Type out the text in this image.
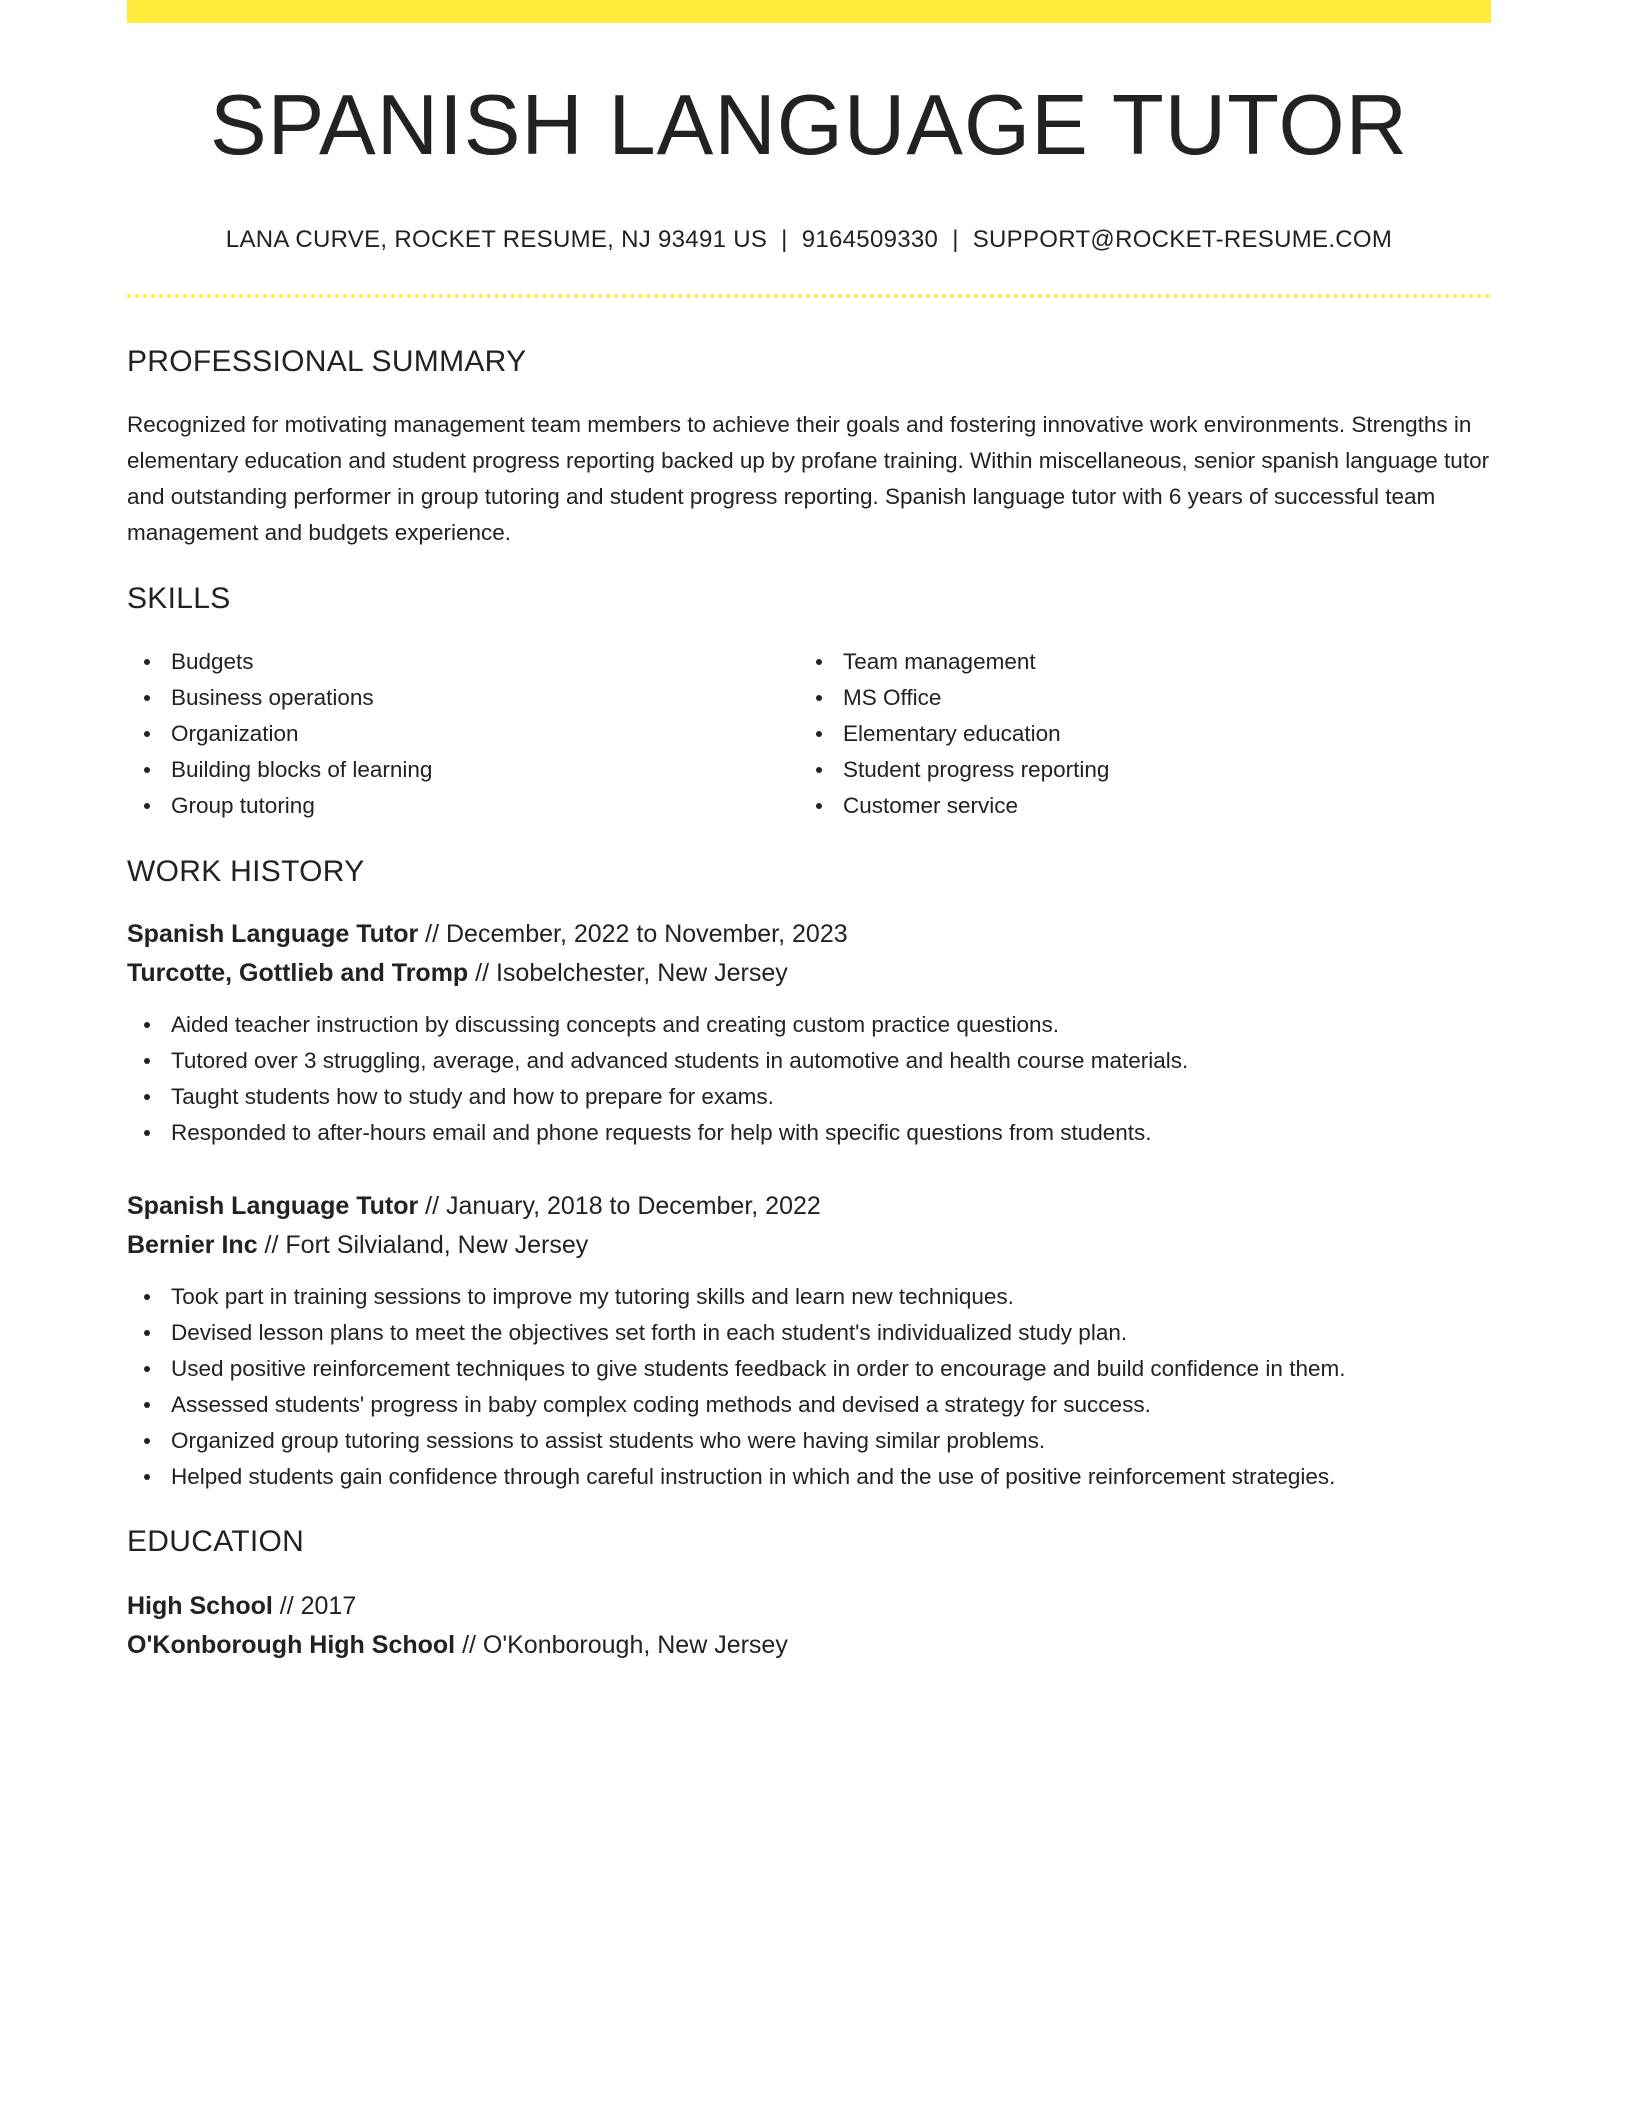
SPANISH LANGUAGE TUTOR
LANA CURVE, ROCKET RESUME, NJ 93491 US | 9164509330 | SUPPORT@ROCKET-RESUME.COM
PROFESSIONAL SUMMARY

Recognized for motivating management team members to achieve their goals and fostering innovative work environments. Strengths in elementary education and student progress reporting backed up by profane training. Within miscellaneous, senior spanish language tutor and outstanding performer in group tutoring and student progress reporting. Spanish language tutor with 6 years of successful team management and budgets experience.

SKILLS
Budgets
Business operations
Organization
Building blocks of learning
Group tutoring
Team management
MS Office
Elementary education
Student progress reporting
Customer service
WORK HISTORY
Spanish Language Tutor // December, 2022 to November, 2023
Turcotte, Gottlieb and Tromp // Isobelchester, New Jersey
Aided teacher instruction by discussing concepts and creating custom practice questions.
Tutored over 3 struggling, average, and advanced students in automotive and health course materials.
Taught students how to study and how to prepare for exams.
Responded to after-hours email and phone requests for help with specific questions from students.
Spanish Language Tutor // January, 2018 to December, 2022
Bernier Inc // Fort Silvialand, New Jersey
Took part in training sessions to improve my tutoring skills and learn new techniques.
Devised lesson plans to meet the objectives set forth in each student's individualized study plan.
Used positive reinforcement techniques to give students feedback in order to encourage and build confidence in them.
Assessed students' progress in baby complex coding methods and devised a strategy for success.
Organized group tutoring sessions to assist students who were having similar problems.
Helped students gain confidence through careful instruction in which and the use of positive reinforcement strategies.
EDUCATION
High School // 2017
O'Konborough High School // O'Konborough, New Jersey
